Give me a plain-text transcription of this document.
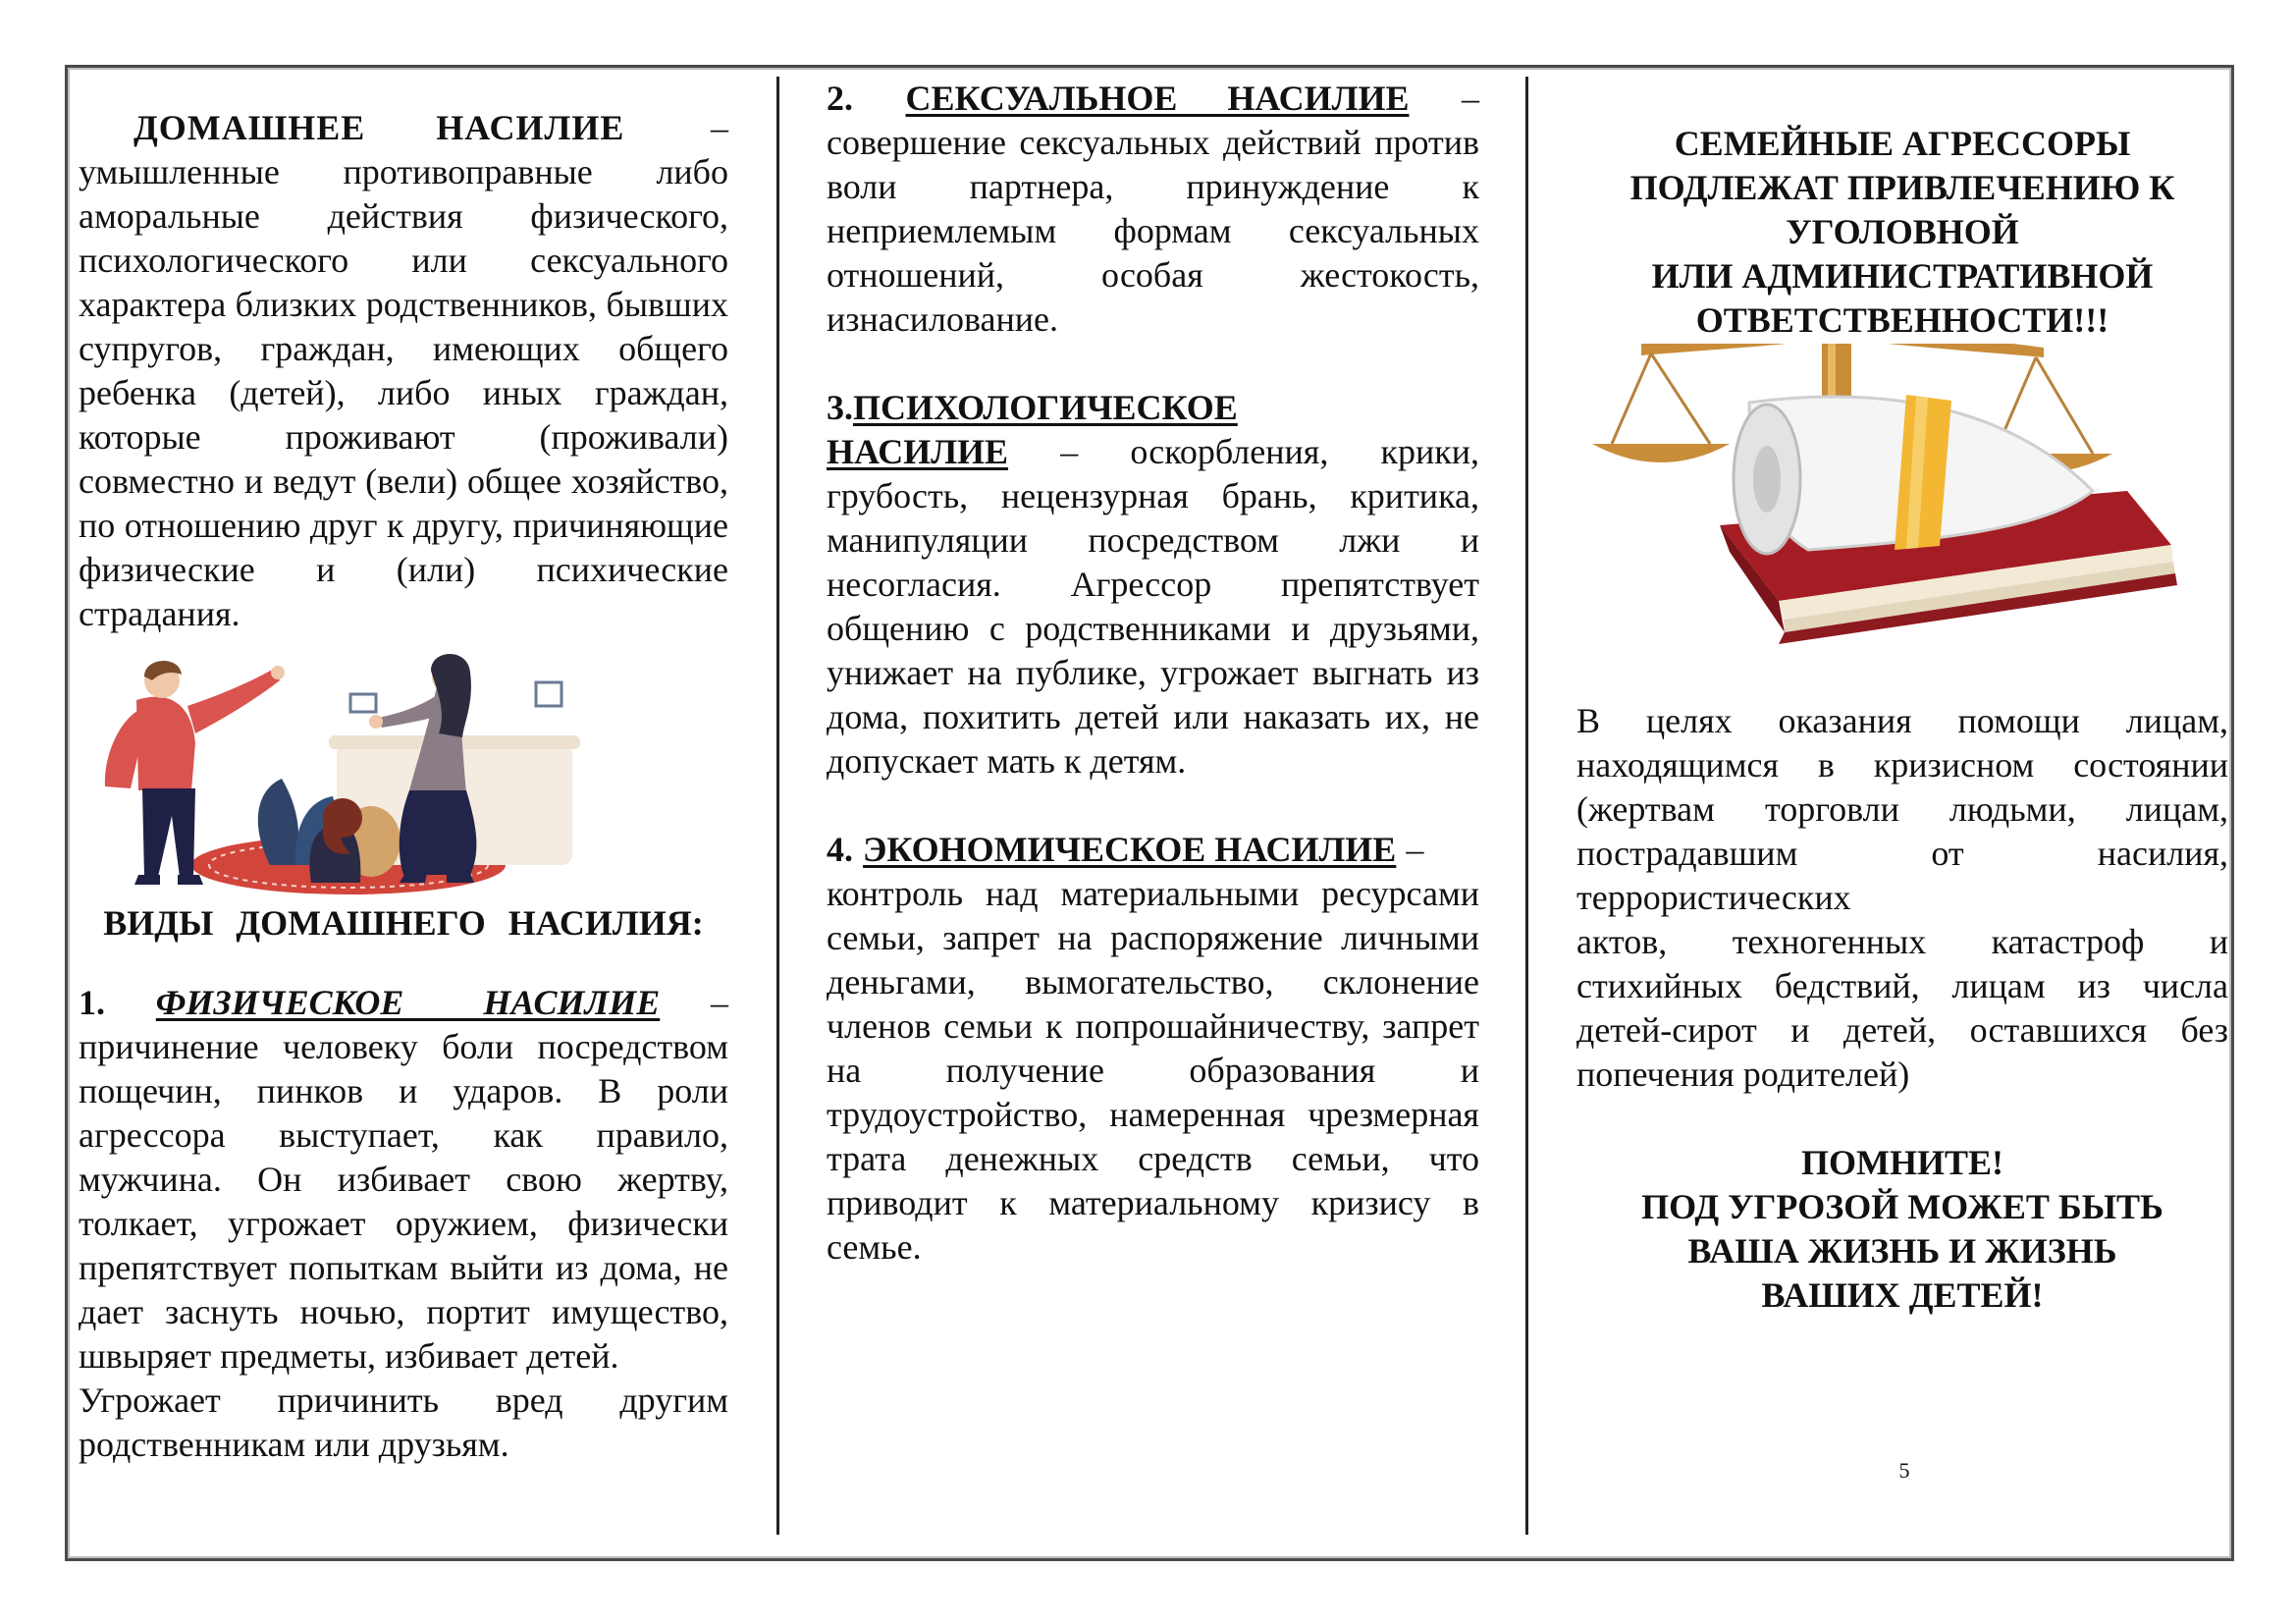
ДОМАШНЕЕ НАСИЛИЕ –

умышленные противоправные либо аморальные действия физического, психологического или сексуального характера близких родственников, бывших супругов, граждан, имеющих общего ребенка (детей), либо иных граждан, которые проживают (проживали) совместно и ведут (вели) общее хозяйство, по отношению друг к другу, причиняющие физические и (или) психические страдания.

ВИДЫ ДОМАШНЕГО НАСИЛИЯ:

1. ФИЗИЧЕСКОЕ НАСИЛИЕ –

причинение человеку боли посредством пощечин, пинков и ударов. В роли агрессора выступает, как правило, мужчина. Он избивает свою жертву, толкает, угрожает оружием, физически препятствует попыткам выйти из дома, не дает заснуть ночью, портит имущество, швыряет предметы, избивает детей.

Угрожает причинить вред другим родственникам или друзьям.

2. СЕКСУАЛЬНОЕ НАСИЛИЕ –

совершение сексуальных действий против воли партнера, принуждение к неприемлемым формам сексуальных отношений, особая жестокость, изнасилование.

3.ПСИХОЛОГИЧЕСКОЕ

НАСИЛИЕ – оскорбления, крики, грубость, нецензурная брань, критика, манипуляции посредством лжи и несогласия. Агрессор препятствует общению с родственниками и друзьями, унижает на публике, угрожает выгнать из дома, похитить детей или наказать их, не допускает мать к детям.

4. ЭКОНОМИЧЕСКОЕ НАСИЛИЕ –

контроль над материальными ресурсами семьи, запрет на распоряжение личными деньгами, вымогательство, склонение членов семьи к попрошайничеству, запрет на получение образования и трудоустройство, намеренная чрезмерная трата денежных средств семьи, что приводит к материальному кризису в семье.

СЕМЕЙНЫЕ АГРЕССОРЫ
ПОДЛЕЖАТ ПРИВЛЕЧЕНИЮ К
УГОЛОВНОЙ
ИЛИ АДМИНИСТРАТИВНОЙ
ОТВЕТСТВЕННОСТИ!!!

В целях оказания помощи лицам, находящимся в кризисном состоянии (жертвам торговли людьми, лицам, пострадавшим от насилия, террористических

актов, техногенных катастроф и стихийных бедствий, лицам из числа детей-сирот и детей, оставшихся без попечения родителей)

ПОМНИТЕ!
ПОД УГРОЗОЙ МОЖЕТ БЫТЬ
ВАША ЖИЗНЬ И ЖИЗНЬ
ВАШИХ ДЕТЕЙ!
5
